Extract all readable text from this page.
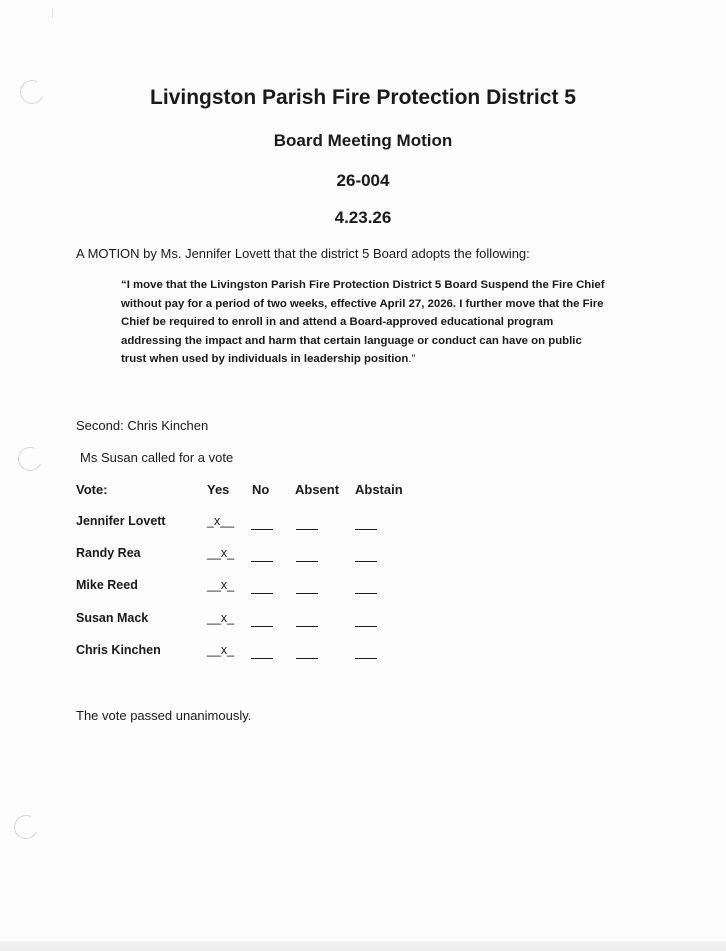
Livingston Parish Fire Protection District 5
Board Meeting Motion
26-004
4.23.26
A MOTION by Ms. Jennifer Lovett that the district 5 Board adopts the following:
“I move that the Livingston Parish Fire Protection District 5 Board Suspend the Fire Chief without pay for a period of two weeks, effective April 27, 2026. I further move that the Fire Chief be required to enroll in and attend a Board-approved educational program addressing the impact and harm that certain language or conduct can have on public trust when used by individuals in leadership position.”
Second: Chris Kinchen
Ms Susan called for a vote
Vote:	Yes No Absent Abstain
Jennifer Lovett	_x__
Randy Rea	__x_
Mike Reed	__x_
Susan Mack	__x_
Chris Kinchen	__x_
The vote passed unanimously.
